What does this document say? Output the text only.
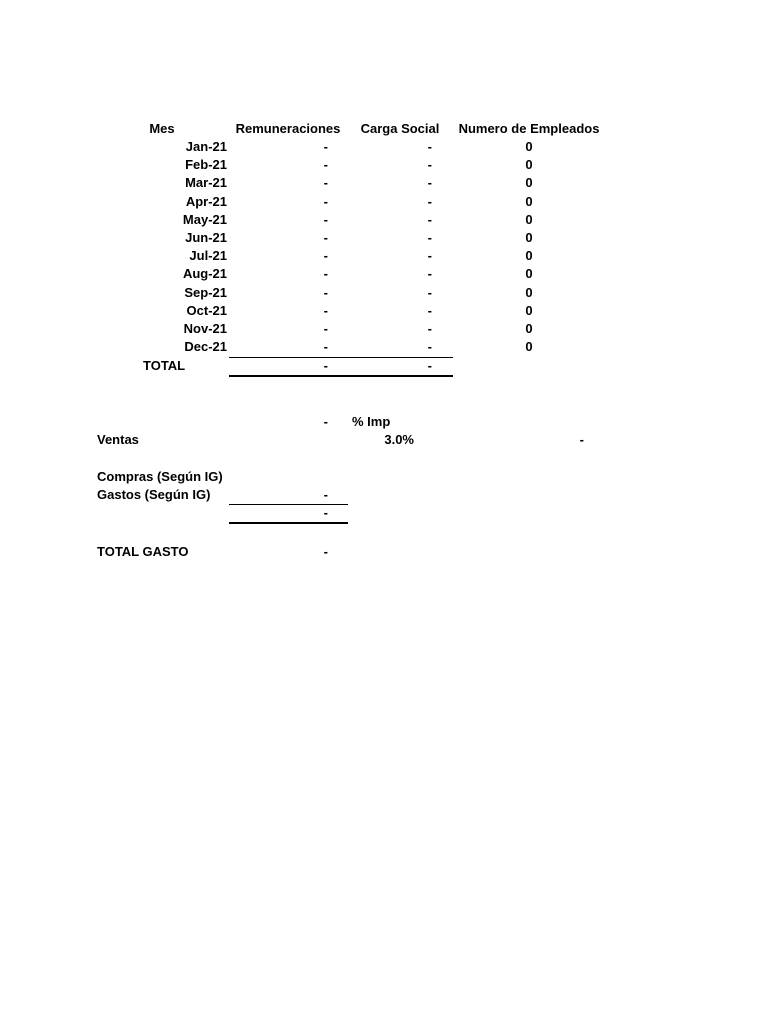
Mes	Remuneraciones	Carga Social	Numero de Empleados
Jan-21	-	-	0
Feb-21	-	-	0
Mar-21	-	-	0
Apr-21	-	-	0
May-21	-	-	0
Jun-21	-	-	0
Jul-21	-	-	0
Aug-21	-	-	0
Sep-21	-	-	0
Oct-21	-	-	0
Nov-21	-	-	0
Dec-21	-	-	0
TOTAL	-	-
- % Imp
Ventas	3.0%	-
Compras (Según IG)
Gastos (Según IG)	-
-
TOTAL GASTO	-
